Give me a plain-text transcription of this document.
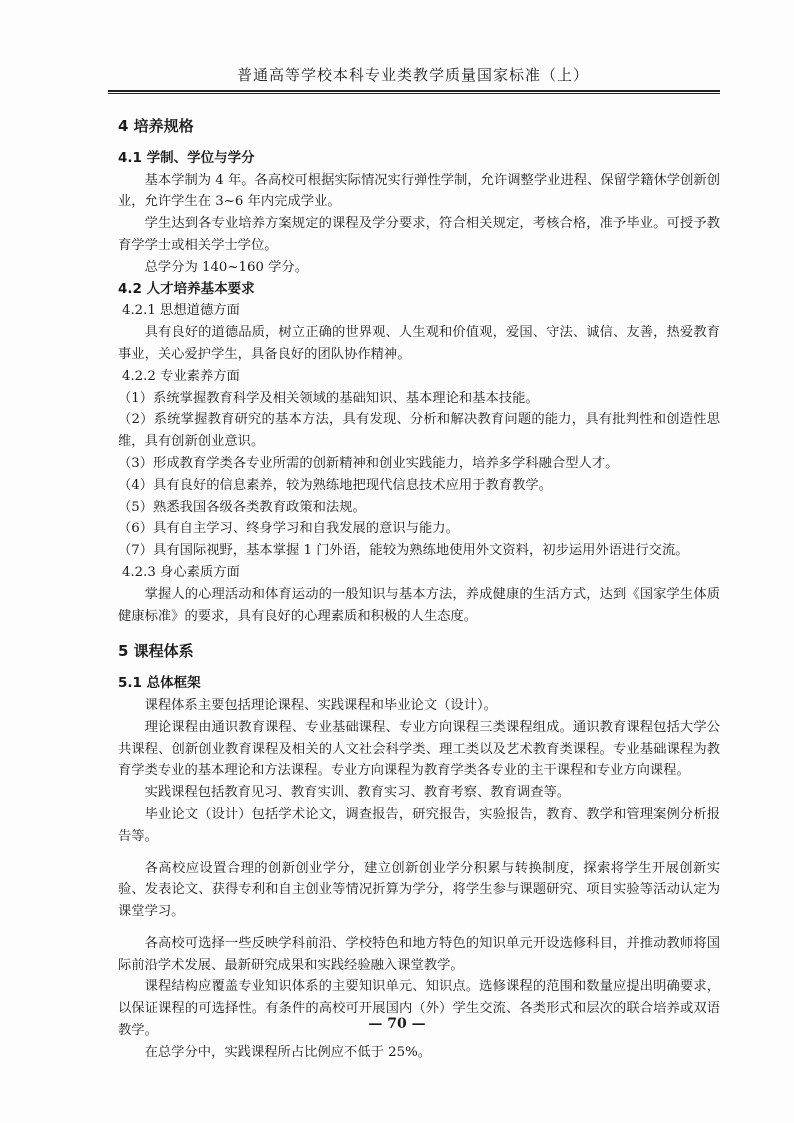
普通高等学校本科专业类教学质量国家标准（上）
4 培养规格
4.1 学制、学位与学分

基本学制为 4 年。各高校可根据实际情况实行弹性学制，允许调整学业进程、保留学籍休学创新创业，允许学生在 3~6 年内完成学业。

学生达到各专业培养方案规定的课程及学分要求，符合相关规定，考核合格，准予毕业。可授予教育学学士或相关学士学位。

总学分为 140~160 学分。

4.2 人才培养基本要求
4.2.1 思想道德方面

具有良好的道德品质，树立正确的世界观、人生观和价值观，爱国、守法、诚信、友善，热爱教育事业，关心爱护学生，具备良好的团队协作精神。

4.2.2 专业素养方面

（1）系统掌握教育科学及相关领域的基础知识、基本理论和基本技能。

（2）系统掌握教育研究的基本方法，具有发现、分析和解决教育问题的能力，具有批判性和创造性思维，具有创新创业意识。

（3）形成教育学类各专业所需的创新精神和创业实践能力，培养多学科融合型人才。

（4）具有良好的信息素养，较为熟练地把现代信息技术应用于教育教学。

（5）熟悉我国各级各类教育政策和法规。

（6）具有自主学习、终身学习和自我发展的意识与能力。

（7）具有国际视野，基本掌握 1 门外语，能较为熟练地使用外文资料，初步运用外语进行交流。

4.2.3 身心素质方面

掌握人的心理活动和体育运动的一般知识与基本方法，养成健康的生活方式，达到《国家学生体质健康标准》的要求，具有良好的心理素质和积极的人生态度。

5 课程体系
5.1 总体框架

课程体系主要包括理论课程、实践课程和毕业论文（设计）。

理论课程由通识教育课程、专业基础课程、专业方向课程三类课程组成。通识教育课程包括大学公共课程、创新创业教育课程及相关的人文社会科学类、理工类以及艺术教育类课程。专业基础课程为教育学类专业的基本理论和方法课程。专业方向课程为教育学类各专业的主干课程和专业方向课程。

实践课程包括教育见习、教育实训、教育实习、教育考察、教育调查等。

毕业论文（设计）包括学术论文，调查报告，研究报告，实验报告，教育、教学和管理案例分析报告等。

各高校应设置合理的创新创业学分，建立创新创业学分积累与转换制度，探索将学生开展创新实验、发表论文、获得专利和自主创业等情况折算为学分，将学生参与课题研究、项目实验等活动认定为课堂学习。

各高校可选择一些反映学科前沿、学校特色和地方特色的知识单元开设选修科目，并推动教师将国际前沿学术发展、最新研究成果和实践经验融入课堂教学。

课程结构应覆盖专业知识体系的主要知识单元、知识点。选修课程的范围和数量应提出明确要求，以保证课程的可选择性。有条件的高校可开展国内（外）学生交流、各类形式和层次的联合培养或双语教学。

在总学分中，实践课程所占比例应不低于 25%。

— 70 —
